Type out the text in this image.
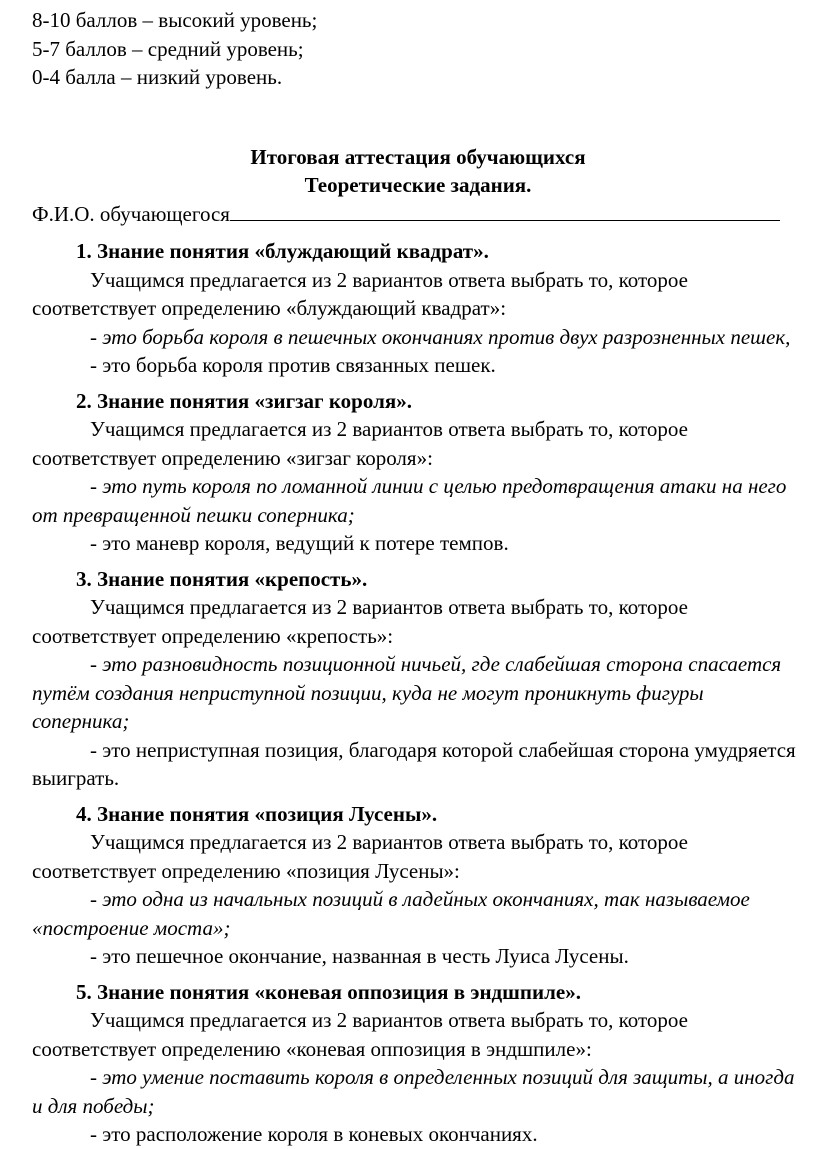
8-10 баллов – высокий уровень;

5-7 баллов – средний уровень;

0-4 балла – низкий уровень.

Итоговая аттестация обучающихся

Теоретические задания.

Ф.И.О. обучающегося

1. Знание понятия «блуждающий квадрат».

Учащимся предлагается из 2 вариантов ответа выбрать то, которое соответствует определению «блуждающий квадрат»:

- это борьба короля в пешечных окончаниях против двух разрозненных пешек,

- это борьба короля против связанных пешек.

2. Знание понятия «зигзаг короля».

Учащимся предлагается из 2 вариантов ответа выбрать то, которое соответствует определению «зигзаг короля»:

- это путь короля по ломанной линии с целью предотвращения атаки на него от превращенной пешки соперника;

- это маневр короля, ведущий к потере темпов.

3. Знание понятия «крепость».

Учащимся предлагается из 2 вариантов ответа выбрать то, которое соответствует определению «крепость»:

- это разновидность позиционной ничьей, где слабейшая сторона спасается путём создания неприступной позиции, куда не могут проникнуть фигуры соперника;

- это неприступная позиция, благодаря которой слабейшая сторона умудряется выиграть.

4. Знание понятия «позиция Лусены».

Учащимся предлагается из 2 вариантов ответа выбрать то, которое соответствует определению «позиция Лусены»:

- это одна из начальных позиций в ладейных окончаниях, так называемое «построение моста»;

- это пешечное окончание, названная в честь Луиса Лусены.

5. Знание понятия «коневая оппозиция в эндшпиле».

Учащимся предлагается из 2 вариантов ответа выбрать то, которое соответствует определению «коневая оппозиция в эндшпиле»:

- это умение поставить короля в определенных позиций для защиты, а иногда и для победы;

- это расположение короля в коневых окончаниях.
